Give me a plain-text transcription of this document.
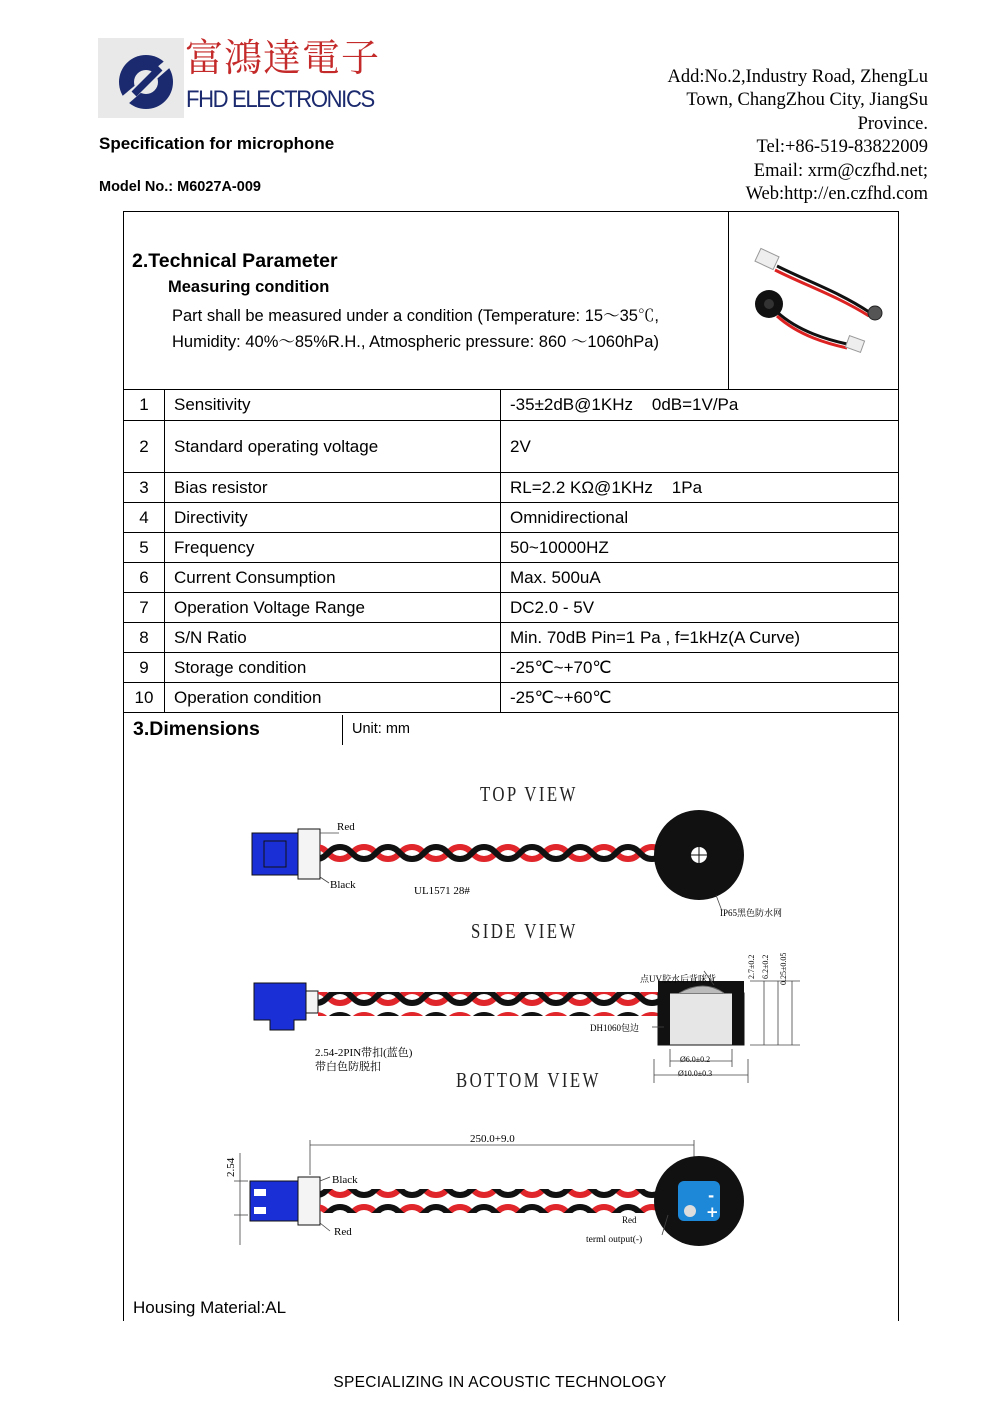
富鴻達電子
FHD ELECTRONICS
Specification for microphone
Model No.: M6027A-009
Add:No.2,Industry Road, ZhengLu
Town, ChangZhou City, JiangSu
Province.
Tel:+86-519-83822009
Email: xrm@czfhd.net;
Web:http://en.czfhd.com
2.Technical Parameter
Measuring condition
Part shall be measured under a condition (Temperature: 15～35℃,
Humidity: 40%～85%R.H., Atmospheric pressure: 860 ～1060hPa)
1	Sensitivity	-35±2dB@1KHz    0dB=1V/Pa
2	Standard operating voltage	2V
3	Bias resistor	RL=2.2 KΩ@1KHz    1Pa
4	Directivity	Omnidirectional
5	Frequency	50~10000HZ
6	Current Consumption	Max. 500uA
7	Operation Voltage Range	DC2.0 - 5V
8	S/N Ratio	Min. 70dB Pin=1 Pa , f=1kHz(A Curve)
9	Storage condition	-25℃~+70℃
10	Operation condition	-25℃~+60℃
3.Dimensions	Unit: mm
TOP VIEW
SIDE VIEW
BOTTOM VIEW
Red
Black	UL1571 28#
IP65黑色防水网
点UV胶水后背咪背
DH1060包边
Ø6.0±0.2
Ø10.0±0.3
2.54-2PIN带扣(蓝色)
带白色防脱扣
2.7±0.2 6.2±0.2 0.25±0.05
250.0+9.0
2.54
Black
Red
Red
terml output(-)
-
+
Housing Material:AL
SPECIALIZING IN ACOUSTIC TECHNOLOGY
